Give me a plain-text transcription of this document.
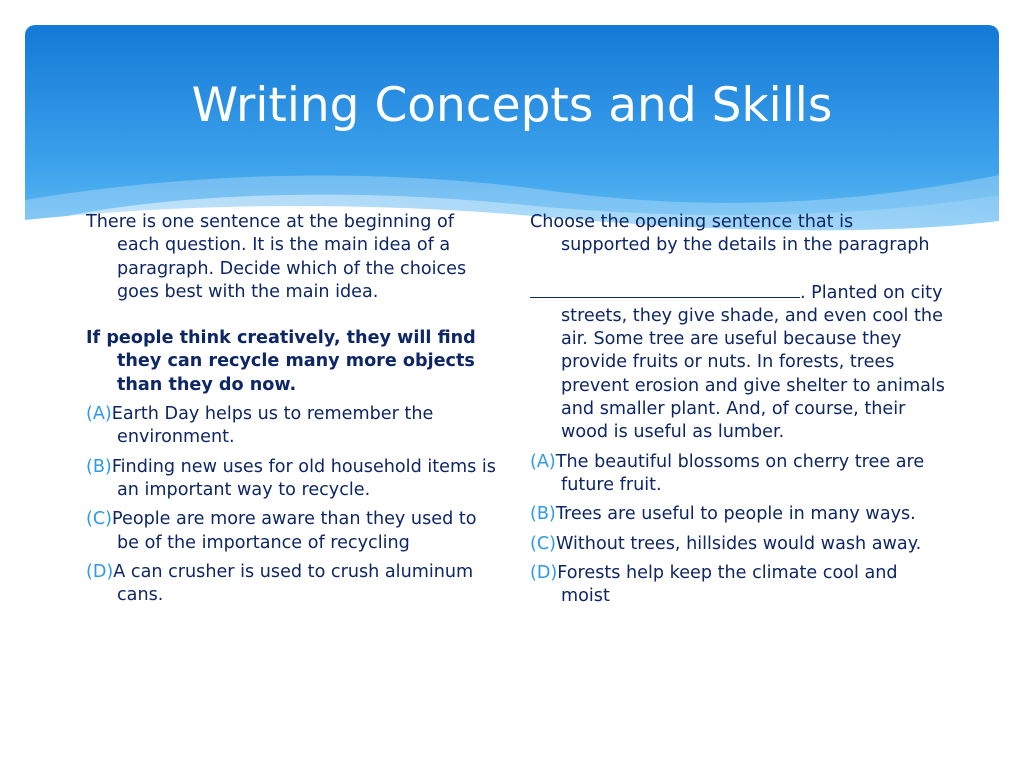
Writing Concepts and Skills

There is one sentence at the beginning of each question. It is the main idea of a paragraph. Decide which of the choices goes best with the main idea.

If people think creatively, they will find they can recycle many more objects than they do now.

(A)Earth Day helps us to remember the environment.

(B)Finding new uses for old household items is an important way to recycle.

(C)People are more aware than they used to be of the importance of recycling

(D)A can crusher is used to crush aluminum cans.

Choose the opening sentence that is supported by the details in the paragraph

. Planted on city streets, they give shade, and even cool the air. Some tree are useful because they provide fruits or nuts. In forests, trees prevent erosion and give shelter to animals and smaller plant. And, of course, their wood is useful as lumber.

(A)The beautiful blossoms on cherry tree are future fruit.

(B)Trees are useful to people in many ways.

(C)Without trees, hillsides would wash away.

(D)Forests help keep the climate cool and moist
